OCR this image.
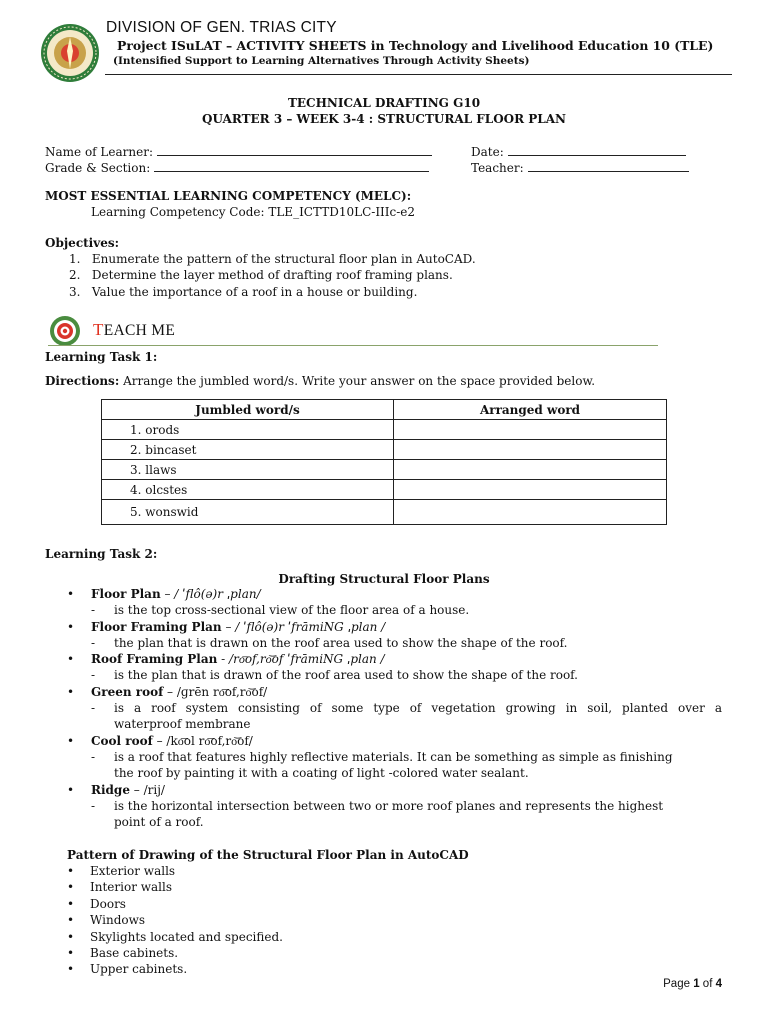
DIVISION OF GEN. TRIAS CITY
Project ISuLAT – ACTIVITY SHEETS in Technology and Livelihood Education 10 (TLE)
(Intensified Support to Learning Alternatives Through Activity Sheets)
TECHNICAL DRAFTING G10
QUARTER 3 – WEEK 3-4 : STRUCTURAL FLOOR PLAN
Name of Learner:	Date:
Grade & Section:	Teacher:
MOST ESSENTIAL LEARNING COMPETENCY (MELC):
Learning Competency Code: TLE_ICTTD10LC-IIIc-e2
Objectives:
1.   Enumerate the pattern of the structural floor plan in AutoCAD.
2.   Determine the layer method of drafting roof framing plans.
3.   Value the importance of a roof in a house or building.
TEACH ME
Learning Task 1:
Directions: Arrange the jumbled word/s. Write your answer on the space provided below.
Jumbled word/s	Arranged word
1. orods	
2. bincaset	
3. llaws	
4. olcstes	
5. wonswid	
Learning Task 2:
Drafting Structural Floor Plans
• Floor Plan – / ˈflô(ə)r ˌplan/
- is the top cross-sectional view of the floor area of a house.
• Floor Framing Plan – / ˈflô(ə)r ˈfrāmiNG ˌplan /
- the plan that is drawn on the roof area used to show the shape of the roof.
• Roof Framing Plan - /ro͞of,ro͝of ˈfrāmiNG ˌplan /
- is the plan that is drawn of the roof area used to show the shape of the roof.
• Green roof – /ɡrēn ro͞of,ro͝of/
- is a roof system consisting of some type of vegetation growing in soil, planted over a
waterproof membrane
• Cool roof – /ko͞ol ro͞of,ro͝of/
- is a roof that features highly reflective materials. It can be something as simple as finishing
the roof by painting it with a coating of light -colored water sealant.
• Ridge – /rij/
- is the horizontal intersection between two or more roof planes and represents the highest
point of a roof.
Pattern of Drawing of the Structural Floor Plan in AutoCAD
• Exterior walls
• Interior walls
• Doors
• Windows
• Skylights located and specified.
• Base cabinets.
• Upper cabinets.
Page 1 of 4
